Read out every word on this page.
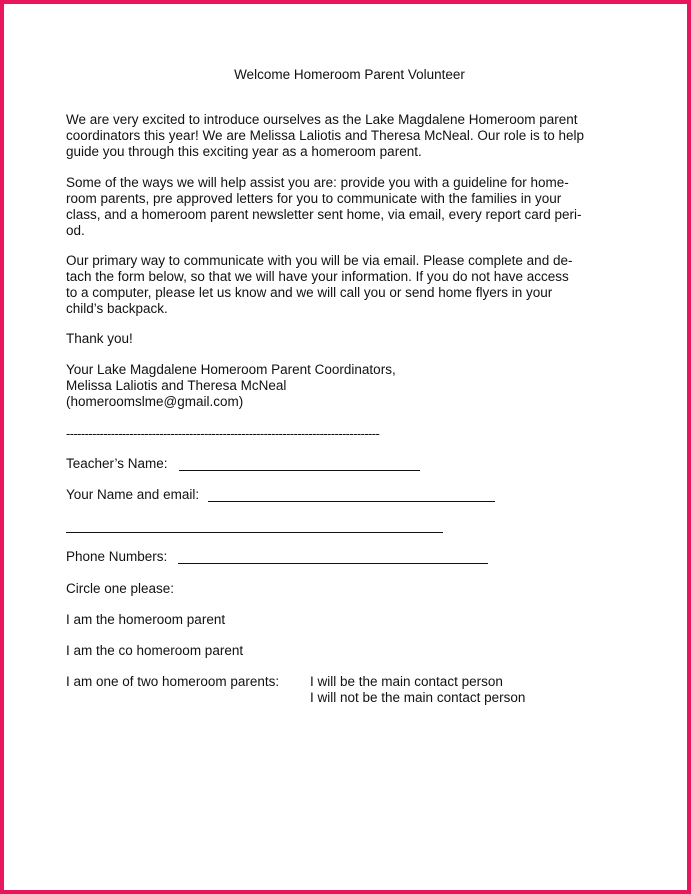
Welcome Homeroom Parent Volunteer

We are very excited to introduce ourselves as the Lake Magdalene Homeroom parent
coordinators this year! We are Melissa Laliotis and Theresa McNeal. Our role is to help
guide you through this exciting year as a homeroom parent.

Some of the ways we will help assist you are: provide you with a guideline for home-
room parents, pre approved letters for you to communicate with the families in your
class, and a homeroom parent newsletter sent home, via email, every report card peri-
od.

Our primary way to communicate with you will be via email. Please complete and de-
tach the form below, so that we will have your information. If you do not have access
to a computer, please let us know and we will call you or send home flyers in your
child’s backpack.

Thank you!

Your Lake Magdalene Homeroom Parent Coordinators,
Melissa Laliotis and Theresa McNeal
(homeroomslme@gmail.com)

------------------------------------------------------------------------------------
Teacher’s Name:
Your Name and email:
Phone Numbers:
Circle one please:
I am the homeroom parent
I am the co homeroom parent
I am one of two homeroom parents: I will be the main contact person
I will not be the main contact person
